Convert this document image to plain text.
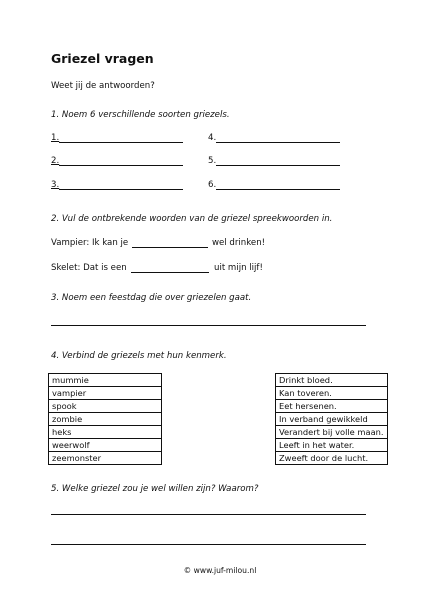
Griezel vragen
Weet jij de antwoorden?
1. Noem 6 verschillende soorten griezels.
1.	4.
2.	5.
3.	6.
2. Vul de ontbrekende woorden van de griezel spreekwoorden in.
Vampier: Ik kan je	wel drinken!
Skelet: Dat is een	uit mijn lijf!
3. Noem een feestdag die over griezelen gaat.
4. Verbind de griezels met hun kenmerk.
mummie
vampier
spook
zombie
heks
weerwolf
zeemonster
Drinkt bloed.
Kan toveren.
Eet hersenen.
In verband gewikkeld
Verandert bij volle maan.
Leeft in het water.
Zweeft door de lucht.
5. Welke griezel zou je wel willen zijn? Waarom?
© www.juf-milou.nl
